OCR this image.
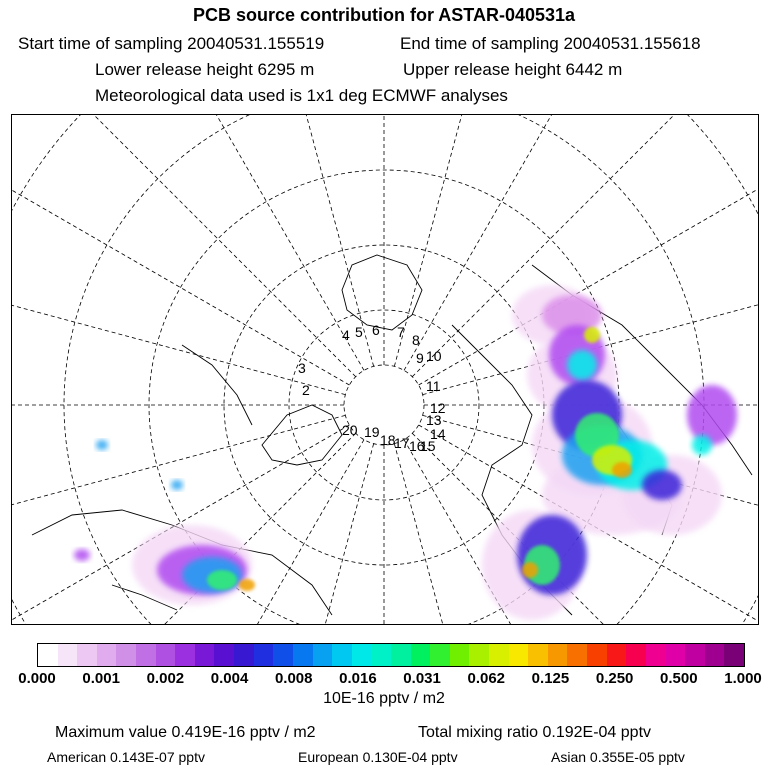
PCB source contribution for ASTAR-040531a
Start time of sampling 20040531.155519	End time of sampling 20040531.155618
Lower release height 6295 m	Upper release height 6442 m
Meteorological data used is 1x1 deg ECMWF analyses
4 5 6 7 8
9 10
11
12
13
14
15
16
17
18
19
20
3
2
0.000 0.001 0.002 0.004 0.008 0.016 0.031 0.062 0.125 0.250 0.500 1.000
10E-16 pptv / m2
Maximum value 0.419E-16 pptv / m2	Total mixing ratio 0.192E-04 pptv
American 0.143E-07 pptv	European 0.130E-04 pptv	Asian 0.355E-05 pptv
